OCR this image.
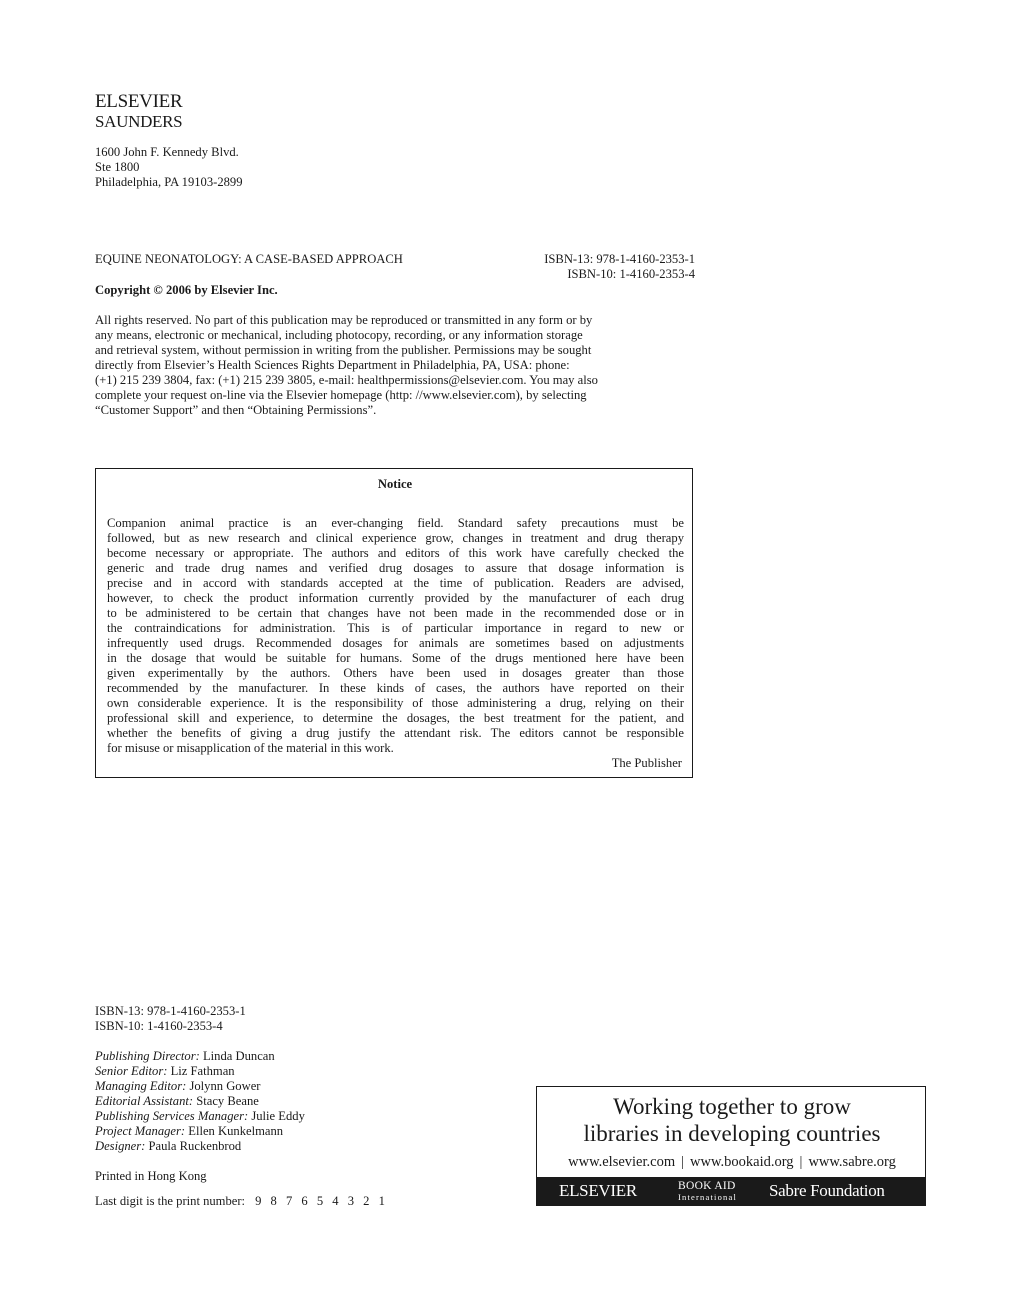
ELSEVIER
SAUNDERS
1600 John F. Kennedy Blvd.
Ste 1800
Philadelphia, PA 19103-2899
EQUINE NEONATOLOGY: A CASE-BASED APPROACH	ISBN-13: 978-1-4160-2353-1
ISBN-10: 1-4160-2353-4
Copyright © 2006 by Elsevier Inc.
All rights reserved. No part of this publication may be reproduced or transmitted in any form or by
any means, electronic or mechanical, including photocopy, recording, or any information storage
and retrieval system, without permission in writing from the publisher. Permissions may be sought
directly from Elsevier’s Health Sciences Rights Department in Philadelphia, PA, USA: phone:
(+1) 215 239 3804, fax: (+1) 215 239 3805, e-mail: healthpermissions@elsevier.com. You may also
complete your request on-line via the Elsevier homepage (http: //www.elsevier.com), by selecting
“Customer Support” and then “Obtaining Permissions”.
Notice
Companion animal practice is an ever-changing field. Standard safety precautions must be
followed, but as new research and clinical experience grow, changes in treatment and drug therapy
become necessary or appropriate. The authors and editors of this work have carefully checked the
generic and trade drug names and verified drug dosages to assure that dosage information is
precise and in accord with standards accepted at the time of publication. Readers are advised,
however, to check the product information currently provided by the manufacturer of each drug
to be administered to be certain that changes have not been made in the recommended dose or in
the contraindications for administration. This is of particular importance in regard to new or
infrequently used drugs. Recommended dosages for animals are sometimes based on adjustments
in the dosage that would be suitable for humans. Some of the drugs mentioned here have been
given experimentally by the authors. Others have been used in dosages greater than those
recommended by the manufacturer. In these kinds of cases, the authors have reported on their
own considerable experience. It is the responsibility of those administering a drug, relying on their
professional skill and experience, to determine the dosages, the best treatment for the patient, and
whether the benefits of giving a drug justify the attendant risk. The editors cannot be responsible
for misuse or misapplication of the material in this work.
The Publisher
ISBN-13: 978-1-4160-2353-1
ISBN-10: 1-4160-2353-4
Publishing Director: Linda Duncan
Senior Editor: Liz Fathman
Managing Editor: Jolynn Gower
Editorial Assistant: Stacy Beane
Publishing Services Manager: Julie Eddy
Project Manager: Ellen Kunkelmann
Designer: Paula Ruckenbrod
Printed in Hong Kong
Last digit is the print number: 9 8 7 6 5 4 3 2 1
Working together to grow
libraries in developing countries
www.elsevier.com | www.bookaid.org | www.sabre.org
ELSEVIER	BOOK AID
International Sabre Foundation
